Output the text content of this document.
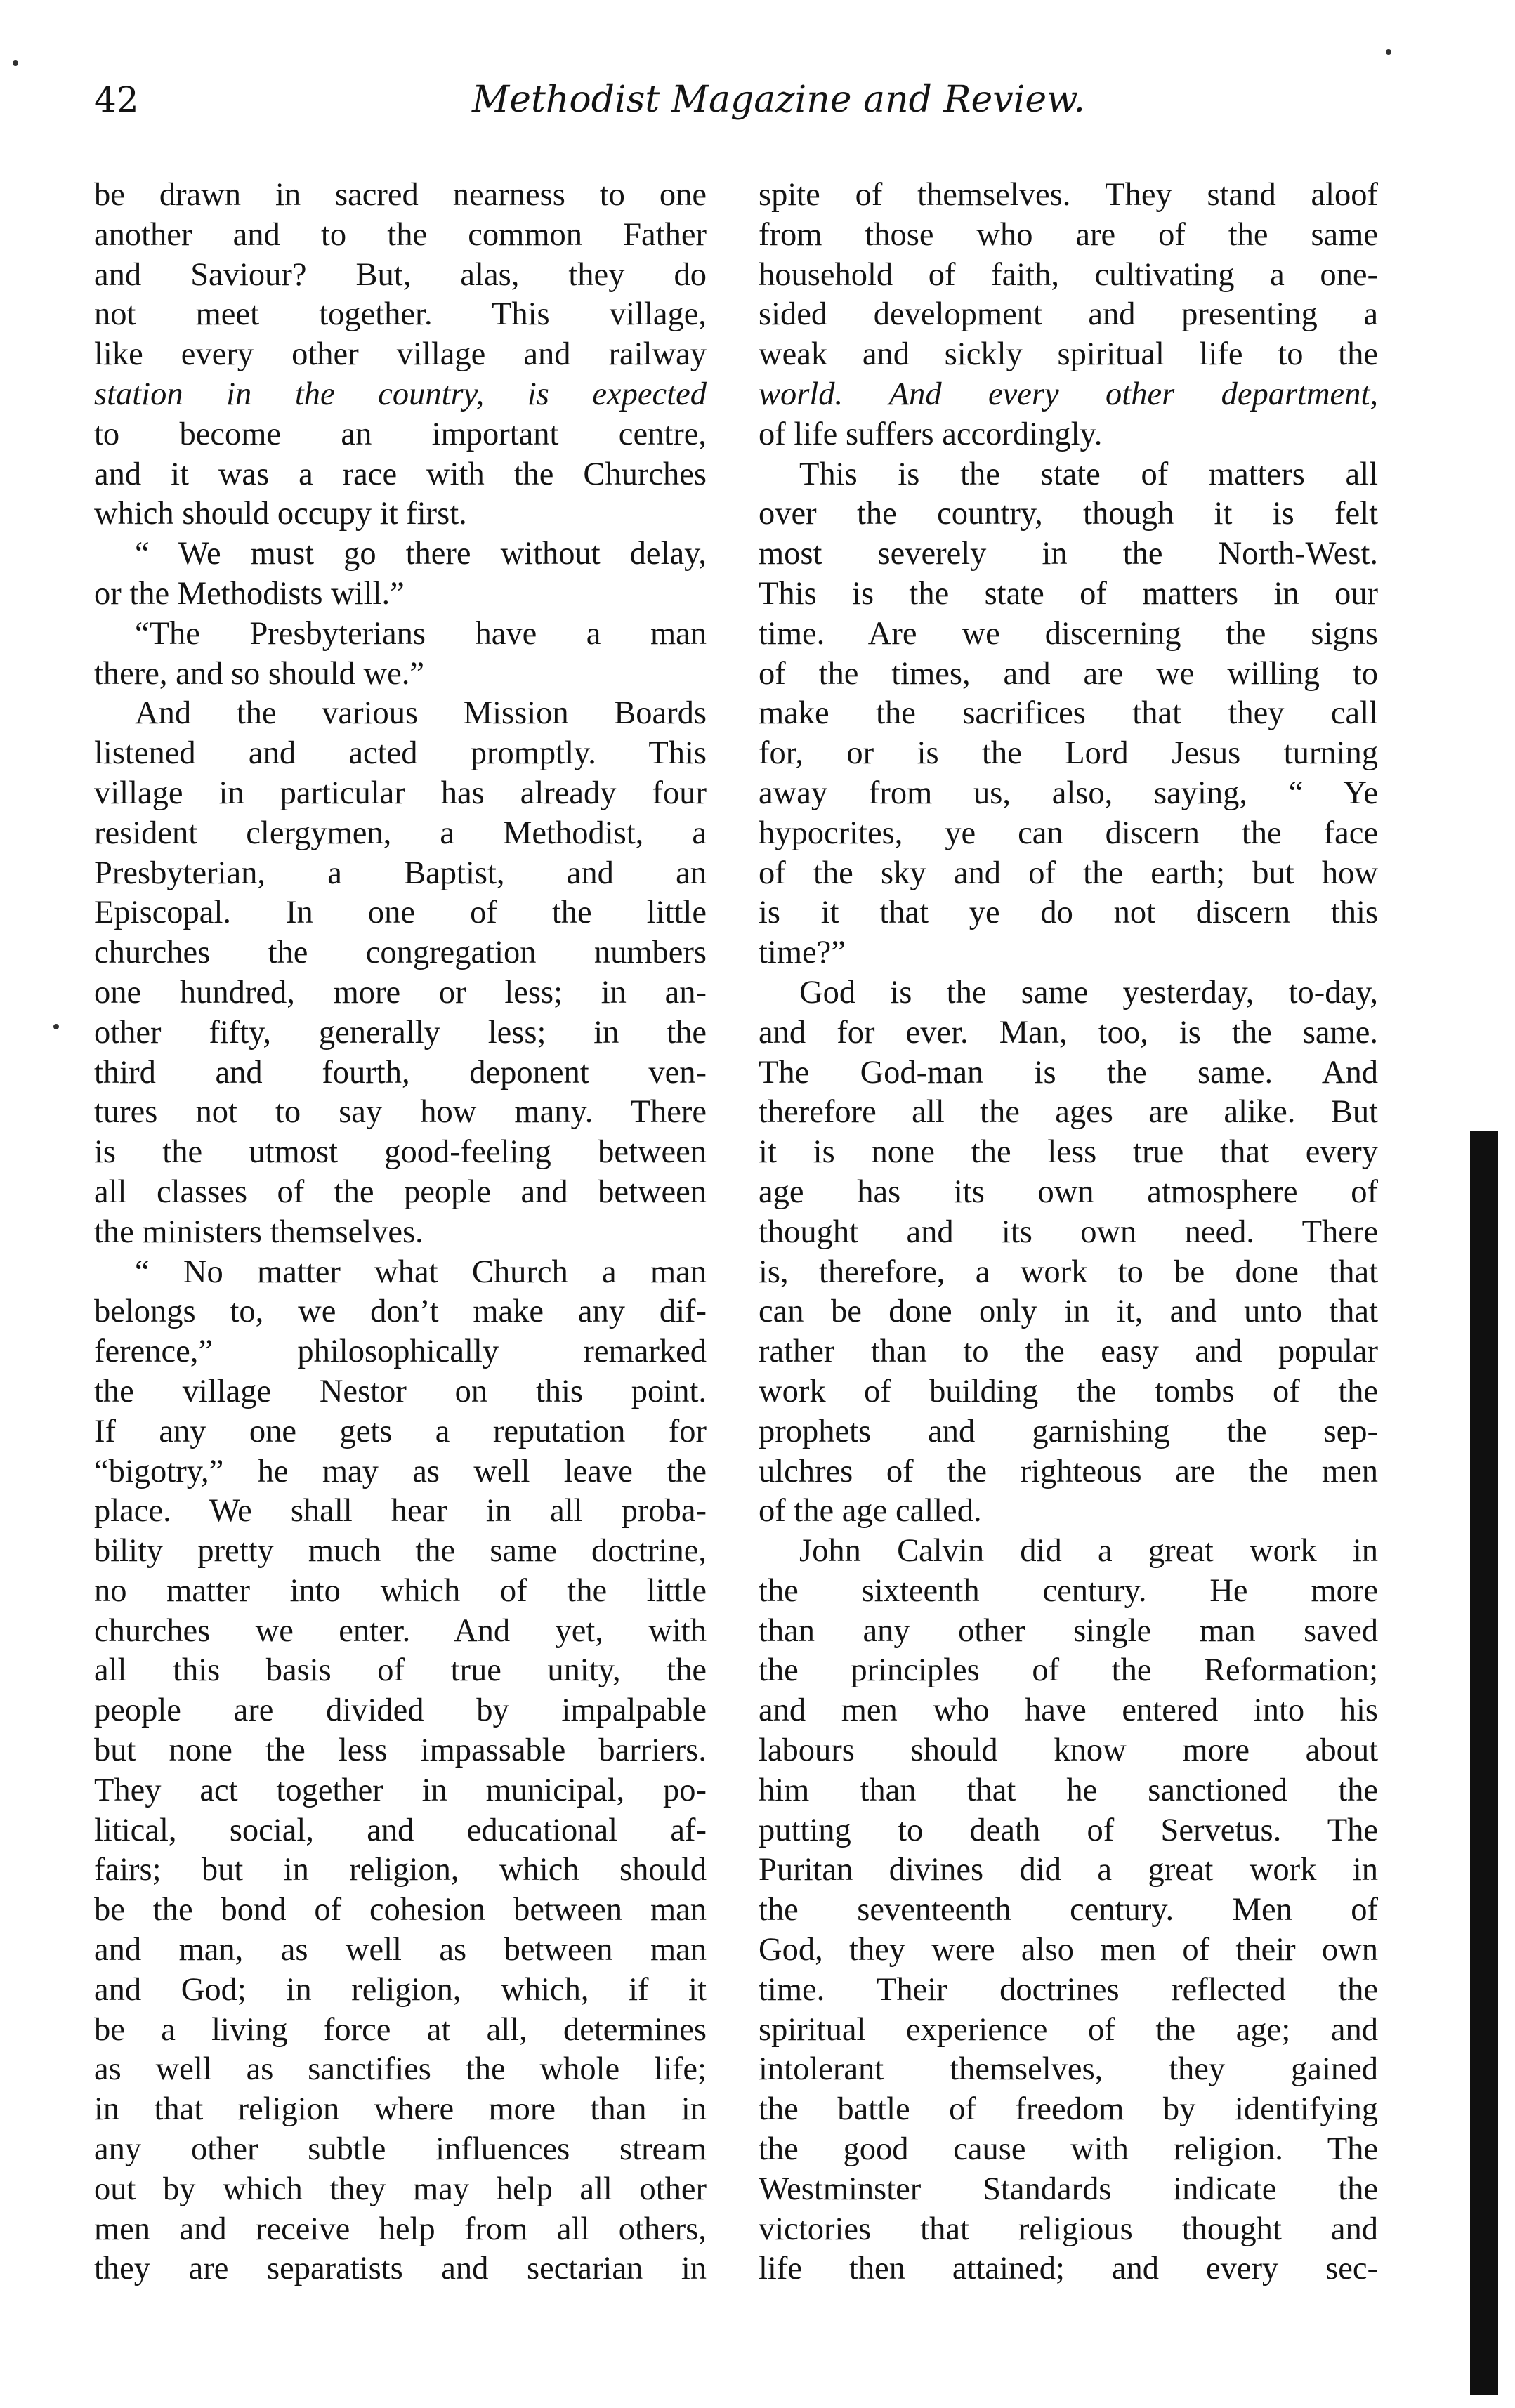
42	Methodist Magazine and Review.
be drawn in sacred nearness to one
another and to the common Father
and Saviour? But, alas, they do
not meet together. This village,
like every other village and railway
station in the country, is expected
to become an important centre,
and it was a race with the Churches
which should occupy it first.
“ We must go there without delay,
or the Methodists will.”
“The Presbyterians have a man
there, and so should we.”
And the various Mission Boards
listened and acted promptly. This
village in particular has already four
resident clergymen, a Methodist, a
Presbyterian, a Baptist, and an
Episcopal. In one of the little
churches the congregation numbers
one hundred, more or less; in an-
other fifty, generally less; in the
third and fourth, deponent ven-
tures not to say how many. There
is the utmost good-feeling between
all classes of the people and between
the ministers themselves.
“ No matter what Church a man
belongs to, we don’t make any dif-
ference,” philosophically remarked
the village Nestor on this point.
If any one gets a reputation for
“bigotry,” he may as well leave the
place. We shall hear in all proba-
bility pretty much the same doctrine,
no matter into which of the little
churches we enter. And yet, with
all this basis of true unity, the
people are divided by impalpable
but none the less impassable barriers.
They act together in municipal, po-
litical, social, and educational af-
fairs; but in religion, which should
be the bond of cohesion between man
and man, as well as between man
and God; in religion, which, if it
be a living force at all, determines
as well as sanctifies the whole life;
in that religion where more than in
any other subtle influences stream
out by which they may help all other
men and receive help from all others,
they are separatists and sectarian in
spite of themselves. They stand aloof
from those who are of the same
household of faith, cultivating a one-
sided development and presenting a
weak and sickly spiritual life to the
world. And every other department,
of life suffers accordingly.
This is the state of matters all
over the country, though it is felt
most severely in the North-West.
This is the state of matters in our
time. Are we discerning the signs
of the times, and are we willing to
make the sacrifices that they call
for, or is the Lord Jesus turning
away from us, also, saying, “ Ye
hypocrites, ye can discern the face
of the sky and of the earth; but how
is it that ye do not discern this
time?”
God is the same yesterday, to-day,
and for ever. Man, too, is the same.
The God-man is the same. And
therefore all the ages are alike. But
it is none the less true that every
age has its own atmosphere of
thought and its own need. There
is, therefore, a work to be done that
can be done only in it, and unto that
rather than to the easy and popular
work of building the tombs of the
prophets and garnishing the sep-
ulchres of the righteous are the men
of the age called.
John Calvin did a great work in
the sixteenth century. He more
than any other single man saved
the principles of the Reformation;
and men who have entered into his
labours should know more about
him than that he sanctioned the
putting to death of Servetus. The
Puritan divines did a great work in
the seventeenth century. Men of
God, they were also men of their own
time. Their doctrines reflected the
spiritual experience of the age; and
intolerant themselves, they gained
the battle of freedom by identifying
the good cause with religion. The
Westminster Standards indicate the
victories that religious thought and
life then attained; and every sec-
